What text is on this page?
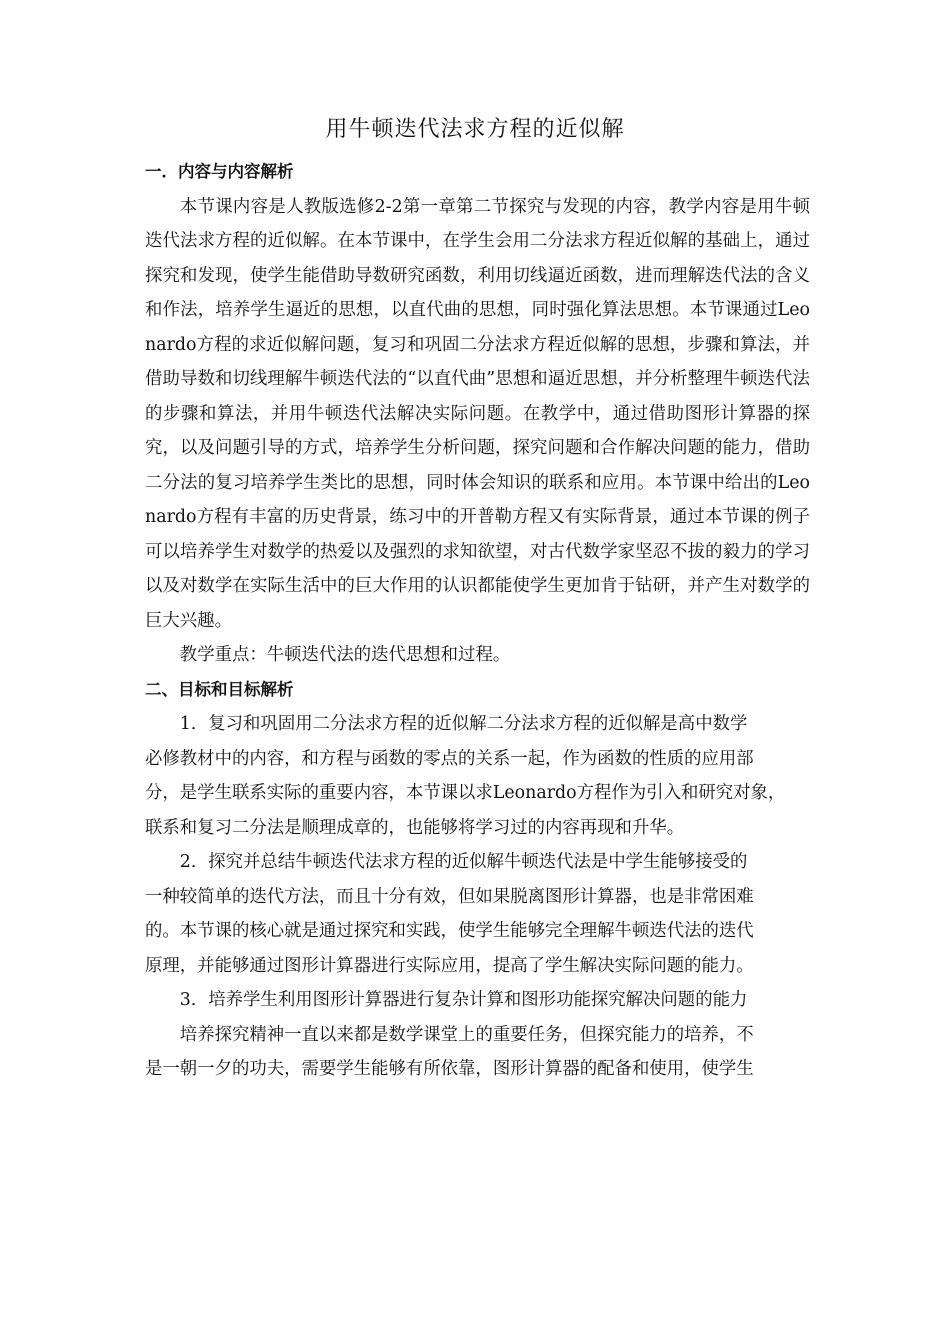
用牛顿迭代法求方程的近似解

一．内容与内容解析

本节课内容是人教版选修2-2第一章第二节探究与发现的内容，教学内容是用牛顿迭代法求方程的近似解。在本节课中，在学生会用二分法求方程近似解的基础上，通过探究和发现，使学生能借助导数研究函数，利用切线逼近函数，进而理解迭代法的含义和作法，培养学生逼近的思想，以直代曲的思想，同时强化算法思想。本节课通过Leonardo方程的求近似解问题，复习和巩固二分法求方程近似解的思想，步骤和算法，并借助导数和切线理解牛顿迭代法的“以直代曲”思想和逼近思想，并分析整理牛顿迭代法的步骤和算法，并用牛顿迭代法解决实际问题。在教学中，通过借助图形计算器的探究，以及问题引导的方式，培养学生分析问题，探究问题和合作解决问题的能力，借助二分法的复习培养学生类比的思想，同时体会知识的联系和应用。本节课中给出的Leonardo方程有丰富的历史背景，练习中的开普勒方程又有实际背景，通过本节课的例子可以培养学生对数学的热爱以及强烈的求知欲望，对古代数学家坚忍不拔的毅力的学习以及对数学在实际生活中的巨大作用的认识都能使学生更加肯于钻研，并产生对数学的巨大兴趣。

教学重点：牛顿迭代法的迭代思想和过程。

二、目标和目标解析

1．复习和巩固用二分法求方程的近似解二分法求方程的近似解是高中数学

必修教材中的内容，和方程与函数的零点的关系一起，作为函数的性质的应用部

分，是学生联系实际的重要内容，本节课以求Leonardo方程作为引入和研究对象，

联系和复习二分法是顺理成章的，也能够将学习过的内容再现和升华。

2．探究并总结牛顿迭代法求方程的近似解牛顿迭代法是中学生能够接受的

一种较简单的迭代方法，而且十分有效，但如果脱离图形计算器，也是非常困难

的。本节课的核心就是通过探究和实践，使学生能够完全理解牛顿迭代法的迭代

原理，并能够通过图形计算器进行实际应用，提高了学生解决实际问题的能力。

3．培养学生利用图形计算器进行复杂计算和图形功能探究解决问题的能力

培养探究精神一直以来都是数学课堂上的重要任务，但探究能力的培养，不

是一朝一夕的功夫，需要学生能够有所依靠，图形计算器的配备和使用，使学生
